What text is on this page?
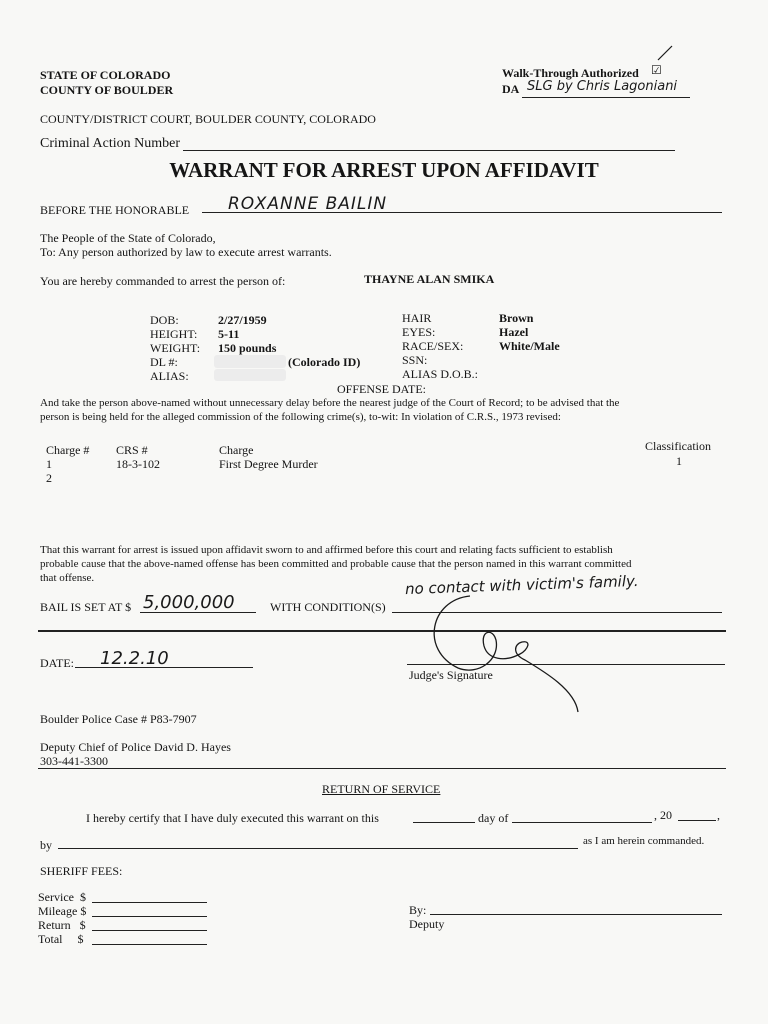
STATE OF COLORADO
COUNTY OF BOULDER
Walk-Through Authorized ☑
DA SLG by Chris Lagoniani
COUNTY/DISTRICT COURT, BOULDER COUNTY, COLORADO
Criminal Action Number
WARRANT FOR ARREST UPON AFFIDAVIT
BEFORE THE HONORABLE ROXANNE BAILIN
The People of the State of Colorado,
To: Any person authorized by law to execute arrest warrants.
You are hereby commanded to arrest the person of:	THAYNE ALAN SMIKA
DOB:	2/27/1959
HEIGHT: 5-11
WEIGHT: 150 pounds
DL #:	(Colorado ID)
ALIAS:
HAIR	Brown
EYES:	Hazel
RACE/SEX:	White/Male
SSN:
ALIAS D.O.B.:
OFFENSE DATE:
And take the person above-named without unnecessary delay before the nearest judge of the Court of Record; to be advised that the
person is being held for the alleged commission of the following crime(s), to-wit: In violation of C.R.S., 1973 revised:
Charge # CRS #	Charge	Classification
1	18-3-102	First Degree Murder	1
2
That this warrant for arrest is issued upon affidavit sworn to and affirmed before this court and relating facts sufficient to establish
probable cause that the above-named offense has been committed and probable cause that the person named in this warrant committed
that offense.
BAIL IS SET AT $ 5,000,000	WITH CONDITION(S)
no contact with victim's family.
DATE: 12.2.10
Judge's Signature
Boulder Police Case # P83-7907
Deputy Chief of Police David D. Hayes
303-441-3300
RETURN OF SERVICE
I hereby certify that I have duly executed this warrant on this	day of	, 20	,
by	as I am herein commanded.
SHERIFF FEES:
Service  $
Mileage $
Return   $
Total     $
By:
Deputy
